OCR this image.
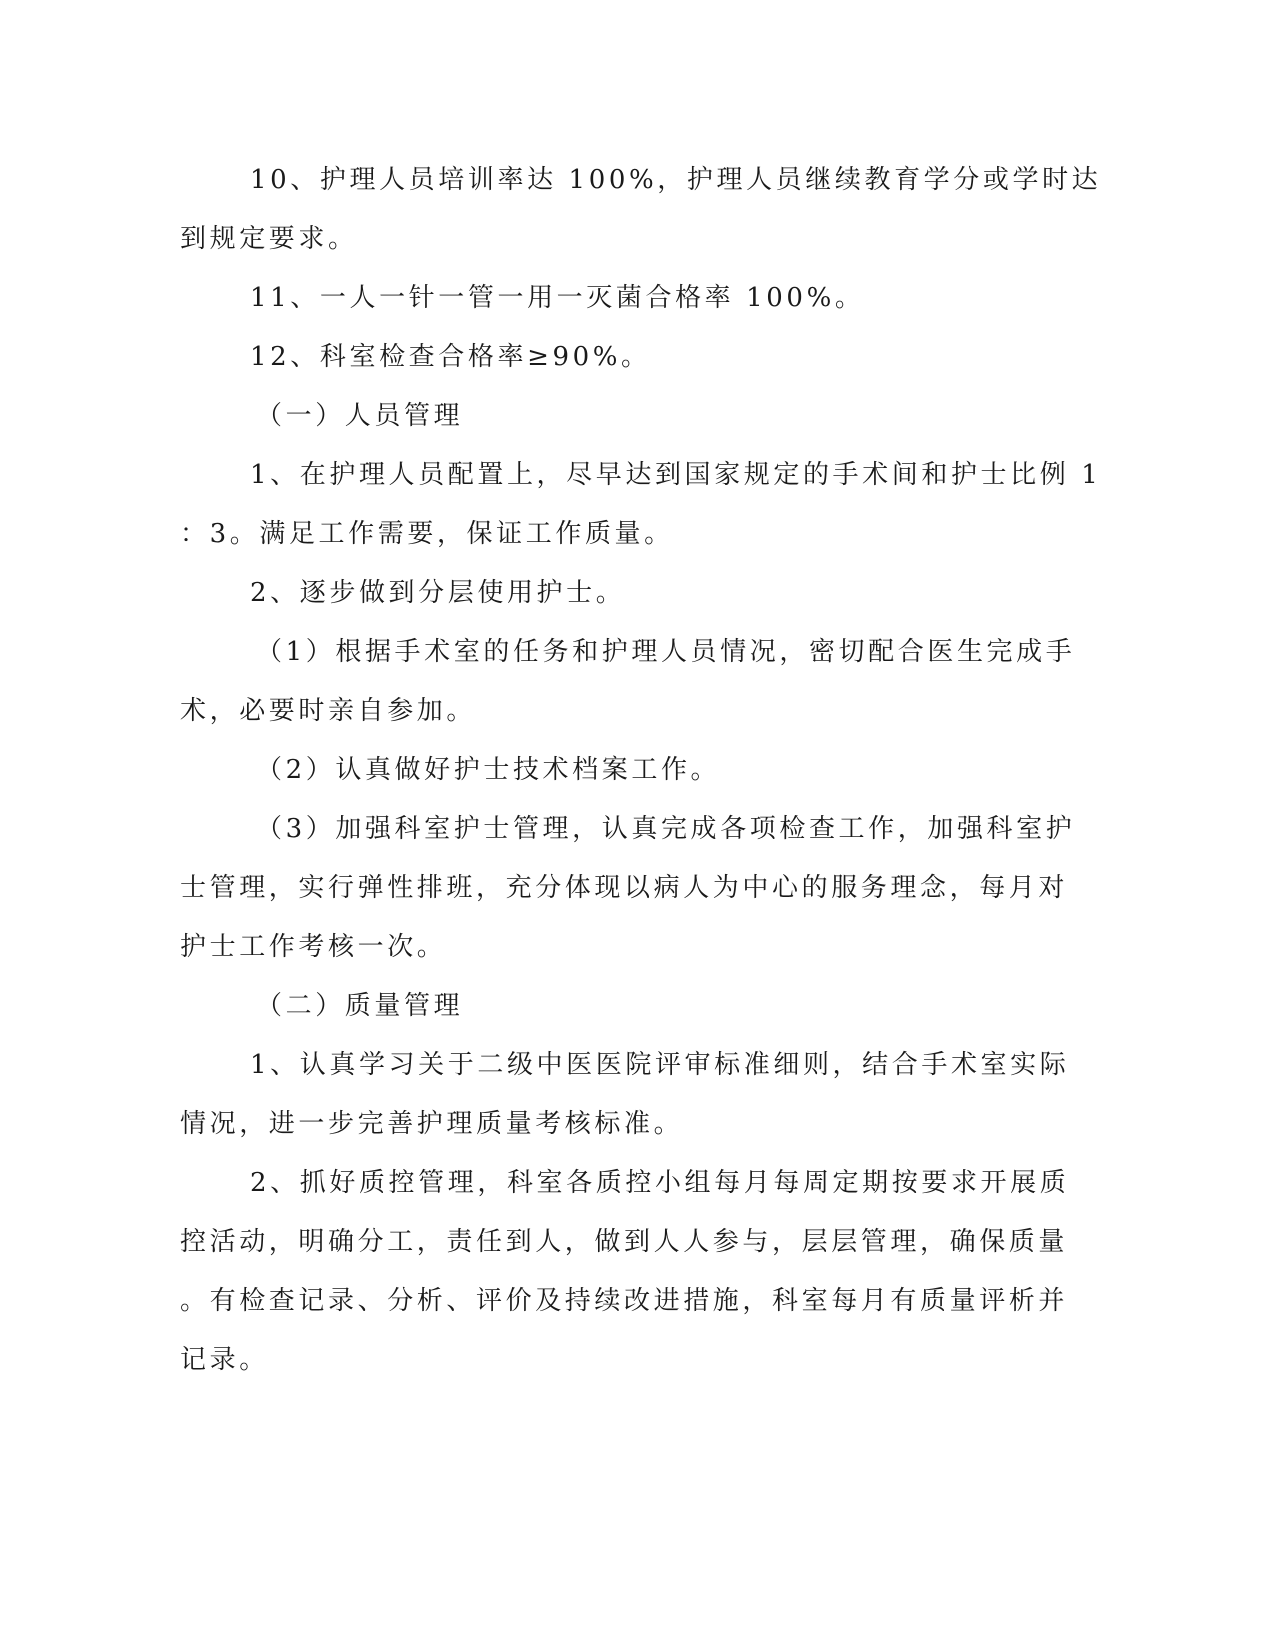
10、护理人员培训率达 100%，护理人员继续教育学分或学时达
到规定要求。
11、一人一针一管一用一灭菌合格率 100%。
12、科室检查合格率≥90%。
（一）人员管理
1、在护理人员配置上，尽早达到国家规定的手术间和护士比例 1
：3。满足工作需要，保证工作质量。
2、逐步做到分层使用护士。
（1）根据手术室的任务和护理人员情况，密切配合医生完成手
术，必要时亲自参加。
（2）认真做好护士技术档案工作。
（3）加强科室护士管理，认真完成各项检查工作，加强科室护
士管理，实行弹性排班，充分体现以病人为中心的服务理念，每月对
护士工作考核一次。
（二）质量管理
1、认真学习关于二级中医医院评审标准细则，结合手术室实际
情况，进一步完善护理质量考核标准。
2、抓好质控管理，科室各质控小组每月每周定期按要求开展质
控活动，明确分工，责任到人，做到人人参与，层层管理，确保质量
。有检查记录、分析、评价及持续改进措施，科室每月有质量评析并
记录。
